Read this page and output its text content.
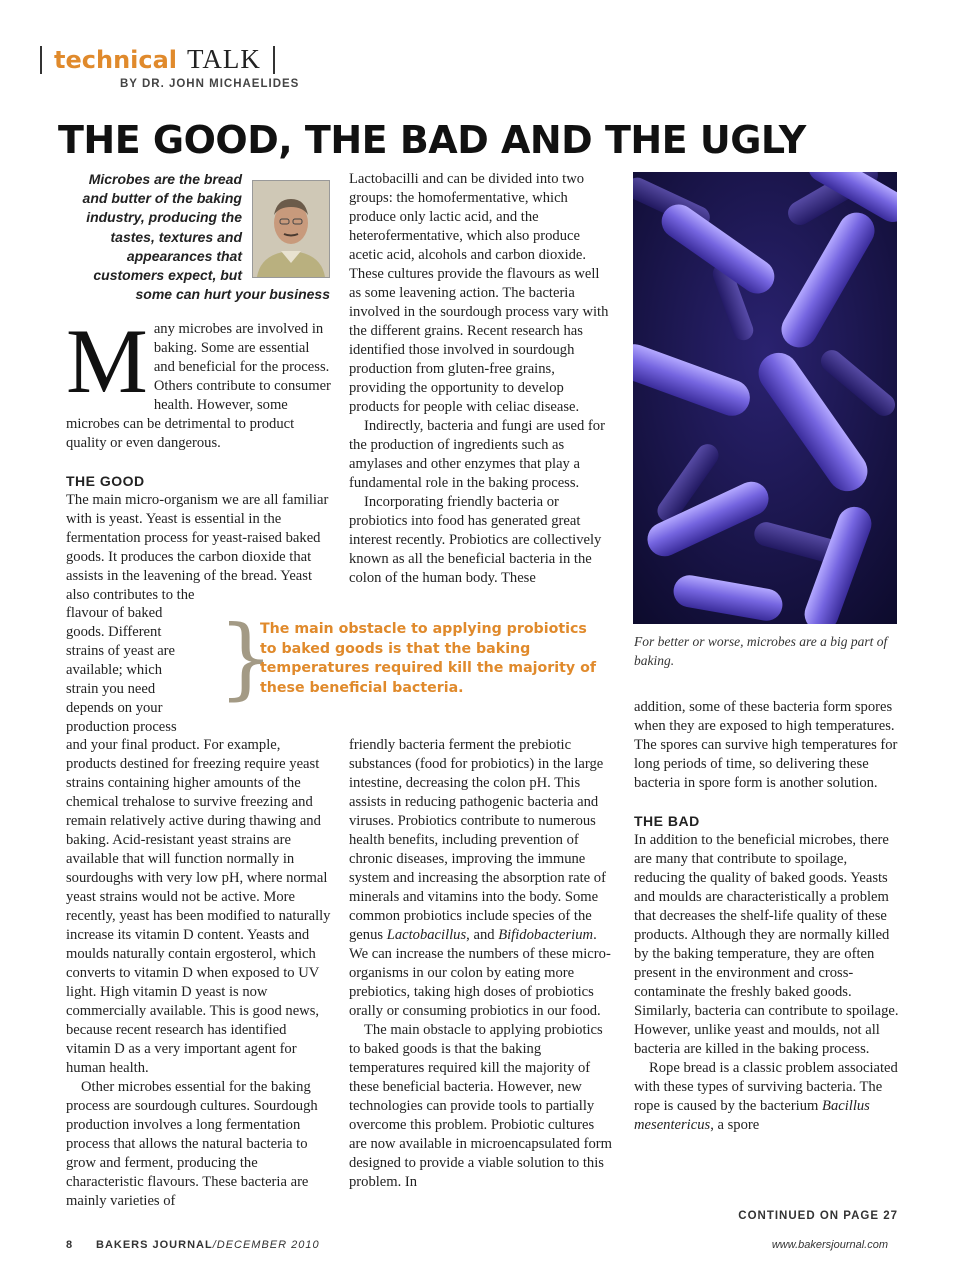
technical TALK
BY DR. JOHN MICHAELIDES
THE GOOD, THE BAD AND THE UGLY
Microbes are the bread
and butter of the baking
industry, producing the
tastes, textures and
appearances that
customers expect, but
some can hurt your business

Many microbes are involved in baking. Some are essential and beneficial for the process. Others contribute to consumer health. However, some microbes can be detrimental to product quality or even dangerous.

THE GOOD

The main micro-organism we are all familiar with is yeast. Yeast is essential in the fermentation process for yeast-raised baked goods. It produces the carbon dioxide that assists in the leavening of the bread. Yeast also contributes to the

flavour of baked goods. Different strains of yeast are available; which strain you need depends on your production process

and your final product. For example, products destined for freezing require yeast strains containing higher amounts of the chemical trehalose to survive freezing and remain relatively active during thawing and baking. Acid-resistant yeast strains are available that will function normally in sourdoughs with very low pH, where normal yeast strains would not be active. More recently, yeast has been modified to naturally increase its vitamin D content. Yeasts and moulds naturally contain ergosterol, which converts to vitamin D when exposed to UV light. High vitamin D yeast is now commercially available. This is good news, because recent research has identified vitamin D as a very important agent for human health.

Other microbes essential for the baking process are sourdough cultures. Sourdough production involves a long fermentation process that allows the natural bacteria to grow and ferment, producing the characteristic flavours. These bacteria are mainly varieties of

Lactobacilli and can be divided into two groups: the homofermentative, which produce only lactic acid, and the heterofermentative, which also produce acetic acid, alcohols and carbon dioxide. These cultures provide the flavours as well as some leavening action. The bacteria involved in the sourdough process vary with the different grains. Recent research has identified those involved in sourdough production from gluten-free grains, providing the opportunity to develop products for people with celiac disease.

Indirectly, bacteria and fungi are used for the production of ingredients such as amylases and other enzymes that play a fundamental role in the baking process.

Incorporating friendly bacteria or probiotics into food has generated great interest recently. Probiotics are collectively known as all the beneficial bacteria in the colon of the human body. These

friendly bacteria ferment the prebiotic substances (food for probiotics) in the large intestine, decreasing the colon pH. This assists in reducing pathogenic bacteria and viruses. Probiotics contribute to numerous health benefits, including prevention of chronic diseases, improving the immune system and increasing the absorption rate of minerals and vitamins into the body. Some common probiotics include species of the genus Lactobacillus, and Bifidobacterium. We can increase the numbers of these micro-organisms in our colon by eating more prebiotics, taking high doses of probiotics orally or consuming probiotics in our food.

The main obstacle to applying probiotics to baked goods is that the baking temperatures required kill the majority of these beneficial bacteria. However, new technologies can provide tools to partially overcome this problem. Probiotic cultures are now available in microencapsulated form designed to provide a viable solution to this problem. In

}
The main obstacle to applying probiotics to baked goods is that the baking temperatures required kill the majority of these beneficial bacteria.
For better or worse, microbes are a big part of baking.

addition, some of these bacteria form spores when they are exposed to high temperatures. The spores can survive high temperatures for long periods of time, so delivering these bacteria in spore form is another solution.

THE BAD

In addition to the beneficial microbes, there are many that contribute to spoilage, reducing the quality of baked goods. Yeasts and moulds are characteristically a problem that decreases the shelf-life quality of these products. Although they are normally killed by the baking temperature, they are often present in the environment and cross-contaminate the freshly baked goods. Similarly, bacteria can contribute to spoilage. However, unlike yeast and moulds, not all bacteria are killed in the baking process.

Rope bread is a classic problem associated with these types of surviving bacteria. The rope is caused by the bacterium Bacillus mesentericus, a spore

CONTINUED ON PAGE 27
8 BAKERS JOURNAL/DECEMBER 2010	www.bakersjournal.com
